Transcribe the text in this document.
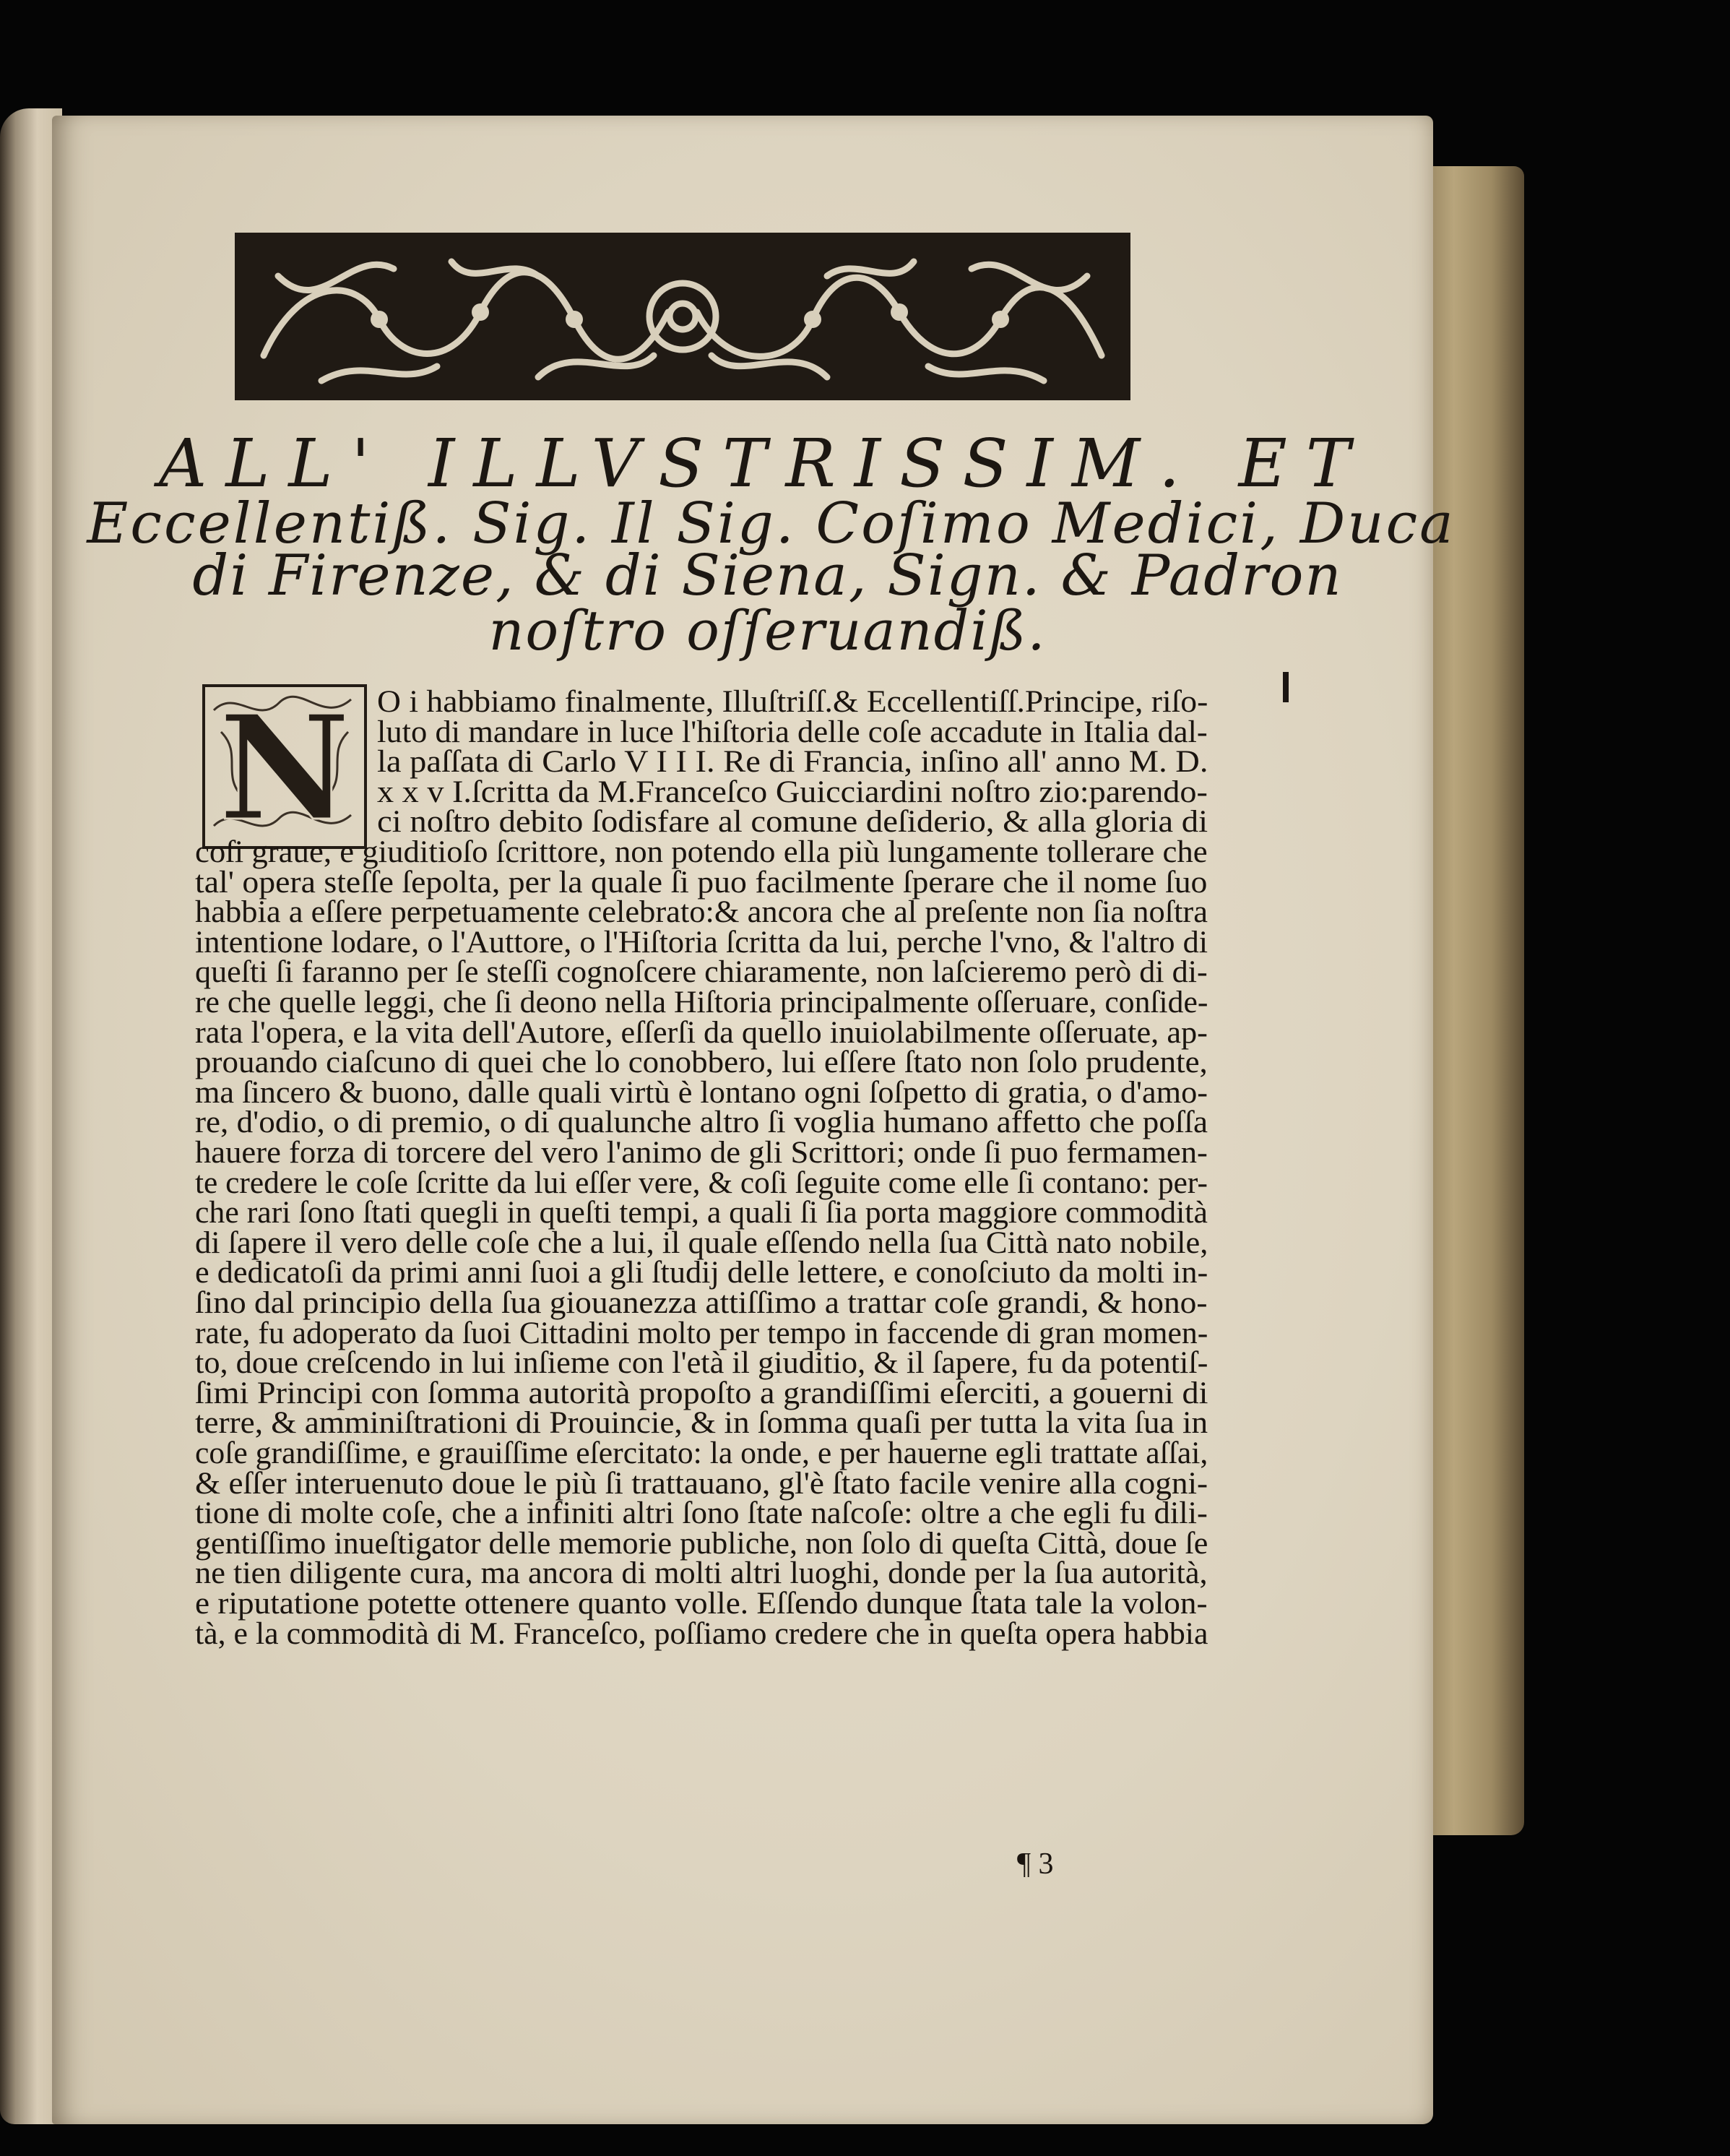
ALL' ILLVSTRISSIM. ET
Eccellentiß. Sig. Il Sig. Coſimo Medici, Duca
di Firenze, & di Siena, Sign. & Padron
noſtro oſſeruandiß.
N O i habbiamo finalmente, Illuſtriſſ.& Eccellentiſſ.Principe, riſo-
luto di mandare in luce l'hiſtoria delle coſe accadute in Italia dal-
la paſſata di Carlo V I I I. Re di Francia, inſino all' anno M. D.
x x v I.ſcritta da M.Franceſco Guicciardini noſtro zio:parendo-
ci noſtro debito ſodisfare al comune deſiderio, & alla gloria di
coſi graue, e giuditioſo ſcrittore, non potendo ella più lungamente tollerare che
tal' opera steſſe ſepolta, per la quale ſi puo facilmente ſperare che il nome ſuo
habbia a eſſere perpetuamente celebrato:& ancora che al preſente non ſia noſtra
intentione lodare, o l'Auttore, o l'Hiſtoria ſcritta da lui, perche l'vno, & l'altro di
queſti ſi faranno per ſe steſſi cognoſcere chiaramente, non laſcieremo però di di-
re che quelle leggi, che ſi deono nella Hiſtoria principalmente oſſeruare, conſide-
rata l'opera, e la vita dell'Autore, eſſerſi da quello inuiolabilmente oſſeruate, ap-
prouando ciaſcuno di quei che lo conobbero, lui eſſere ſtato non ſolo prudente,
ma ſincero & buono, dalle quali virtù è lontano ogni ſoſpetto di gratia, o d'amo-
re, d'odio, o di premio, o di qualunche altro ſi voglia humano affetto che poſſa
hauere forza di torcere del vero l'animo de gli Scrittori; onde ſi puo fermamen-
te credere le coſe ſcritte da lui eſſer vere, & coſi ſeguite come elle ſi contano: per-
che rari ſono ſtati quegli in queſti tempi, a quali ſi ſia porta maggiore commodità
di ſapere il vero delle coſe che a lui, il quale eſſendo nella ſua Città nato nobile,
e dedicatoſi da primi anni ſuoi a gli ſtudij delle lettere, e conoſciuto da molti in-
ſino dal principio della ſua giouanezza attiſſimo a trattar coſe grandi, & hono-
rate, fu adoperato da ſuoi Cittadini molto per tempo in faccende di gran momen-
to, doue creſcendo in lui inſieme con l'età il giuditio, & il ſapere, fu da potentiſ-
ſimi Principi con ſomma autorità propoſto a grandiſſimi eſerciti, a gouerni di
terre, & amminiſtrationi di Prouincie, & in ſomma quaſi per tutta la vita ſua in
coſe grandiſſime, e grauiſſime eſercitato: la onde, e per hauerne egli trattate aſſai,
& eſſer interuenuto doue le più ſi trattauano, gl'è ſtato facile venire alla cogni-
tione di molte coſe, che a infiniti altri ſono ſtate naſcoſe: oltre a che egli fu dili-
gentiſſimo inueſtigator delle memorie publiche, non ſolo di queſta Città, doue ſe
ne tien diligente cura, ma ancora di molti altri luoghi, donde per la ſua autorità,
e riputatione potette ottenere quanto volle. Eſſendo dunque ſtata tale la volon-
tà, e la commodità di M. Franceſco, poſſiamo credere che in queſta opera habbia
¶ 3
